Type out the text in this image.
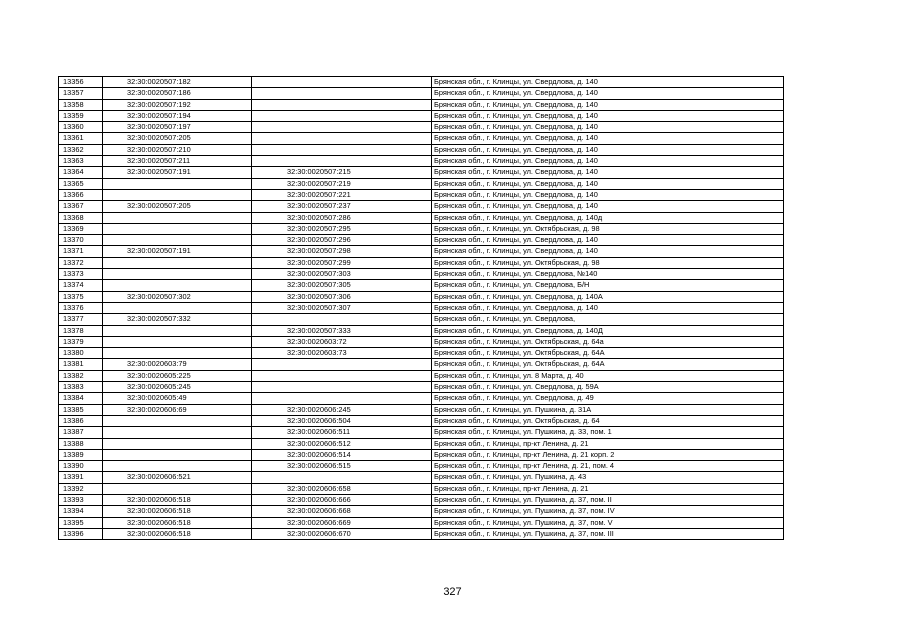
13356	32:30:0020507:182		Брянская обл., г. Клинцы, ул. Свердлова, д. 140
13357	32:30:0020507:186		Брянская обл., г. Клинцы, ул. Свердлова, д. 140
13358	32:30:0020507:192		Брянская обл., г. Клинцы, ул. Свердлова, д. 140
13359	32:30:0020507:194		Брянская обл., г. Клинцы, ул. Свердлова, д. 140
13360	32:30:0020507:197		Брянская обл., г. Клинцы, ул. Свердлова, д. 140
13361	32:30:0020507:205		Брянская обл., г. Клинцы, ул. Свердлова, д. 140
13362	32:30:0020507:210		Брянская обл., г. Клинцы, ул. Свердлова, д. 140
13363	32:30:0020507:211		Брянская обл., г. Клинцы, ул. Свердлова, д. 140
13364	32:30:0020507:191	32:30:0020507:215	Брянская обл., г. Клинцы, ул. Свердлова, д. 140
13365		32:30:0020507:219	Брянская обл., г. Клинцы, ул. Свердлова, д. 140
13366		32:30:0020507:221	Брянская обл., г. Клинцы, ул. Свердлова, д. 140
13367	32:30:0020507:205	32:30:0020507:237	Брянская обл., г. Клинцы, ул. Свердлова, д. 140
13368		32:30:0020507:286	Брянская обл., г. Клинцы, ул. Свердлова, д. 140д
13369		32:30:0020507:295	Брянская обл., г. Клинцы, ул. Октябрьская, д. 98
13370		32:30:0020507:296	Брянская обл., г. Клинцы, ул. Свердлова, д. 140
13371	32:30:0020507:191	32:30:0020507:298	Брянская обл., г. Клинцы, ул. Свердлова, д. 140
13372		32:30:0020507:299	Брянская обл., г. Клинцы, ул. Октябрьская, д. 98
13373		32:30:0020507:303	Брянская обл., г. Клинцы, ул. Свердлова, №140
13374		32:30:0020507:305	Брянская обл., г. Клинцы, ул. Свердлова, Б/Н
13375	32:30:0020507:302	32:30:0020507:306	Брянская обл., г. Клинцы, ул. Свердлова, д. 140А
13376		32:30:0020507:307	Брянская обл., г. Клинцы, ул. Свердлова, д. 140
13377	32:30:0020507:332		Брянская обл., г. Клинцы, ул. Свердлова,
13378		32:30:0020507:333	Брянская обл., г. Клинцы, ул. Свердлова, д. 140Д
13379		32:30:0020603:72	Брянская обл., г. Клинцы, ул. Октябрьская, д. 64а
13380		32:30:0020603:73	Брянская обл., г. Клинцы, ул. Октябрьская, д. 64А
13381	32:30:0020603:79		Брянская обл., г. Клинцы, ул. Октябрьская, д. 64А
13382	32:30:0020605:225		Брянская обл., г. Клинцы, ул. 8 Марта, д. 40
13383	32:30:0020605:245		Брянская обл., г. Клинцы, ул. Свердлова, д. 59А
13384	32:30:0020605:49		Брянская обл., г. Клинцы, ул. Свердлова, д. 49
13385	32:30:0020606:69	32:30:0020606:245	Брянская обл., г. Клинцы, ул. Пушкина, д. 31А
13386		32:30:0020606:504	Брянская обл., г. Клинцы, ул. Октябрьская, д. 64
13387		32:30:0020606:511	Брянская обл., г. Клинцы, ул. Пушкина, д. 33, пом. 1
13388		32:30:0020606:512	Брянская обл., г. Клинцы, пр-кт Ленина, д. 21
13389		32:30:0020606:514	Брянская обл., г. Клинцы, пр-кт Ленина, д. 21 корп. 2
13390		32:30:0020606:515	Брянская обл., г. Клинцы, пр-кт Ленина, д. 21, пом. 4
13391	32:30:0020606:521		Брянская обл., г. Клинцы, ул. Пушкина, д. 43
13392		32:30:0020606:658	Брянская обл., г. Клинцы, пр-кт Ленина, д. 21
13393	32:30:0020606:518	32:30:0020606:666	Брянская обл., г. Клинцы, ул. Пушкина, д. 37, пом. II
13394	32:30:0020606:518	32:30:0020606:668	Брянская обл., г. Клинцы, ул. Пушкина, д. 37, пом. IV
13395	32:30:0020606:518	32:30:0020606:669	Брянская обл., г. Клинцы, ул. Пушкина, д. 37, пом. V
13396	32:30:0020606:518	32:30:0020606:670	Брянская обл., г. Клинцы, ул. Пушкина, д. 37, пом. III
327
